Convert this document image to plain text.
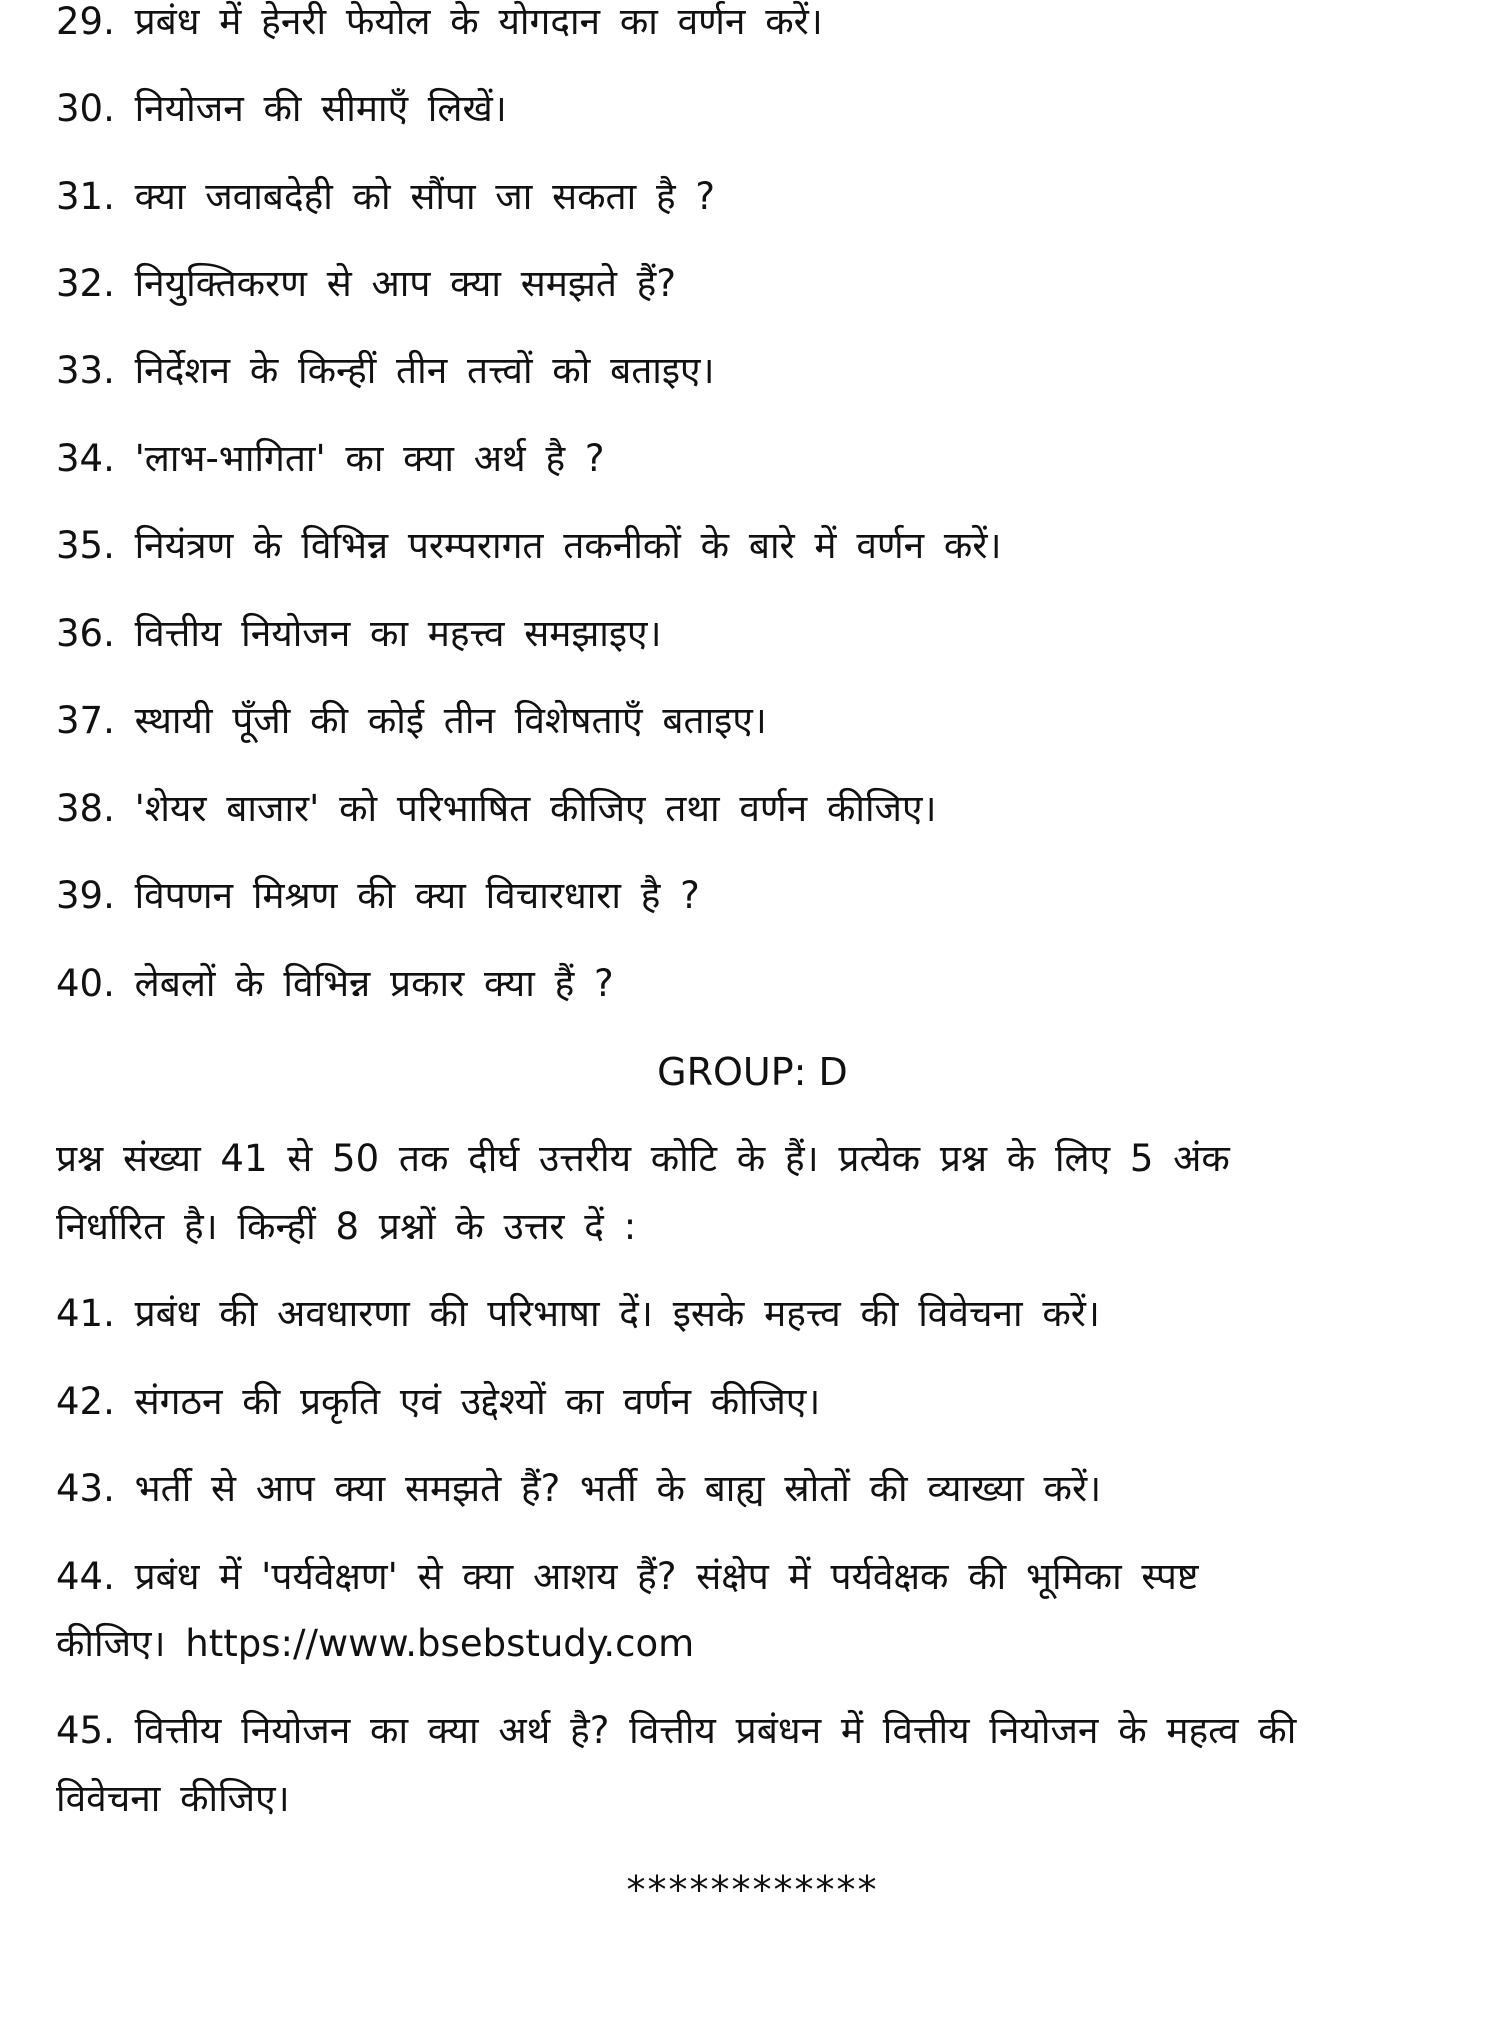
29. प्रबंध में हेनरी फेयोल के योगदान का वर्णन करें।
30. नियोजन की सीमाएँ लिखें।
31. क्या जवाबदेही को सौंपा जा सकता है ?
32. नियुक्तिकरण से आप क्या समझते हैं?
33. निर्देशन के किन्हीं तीन तत्त्वों को बताइए।
34. 'लाभ-भागिता' का क्या अर्थ है ?
35. नियंत्रण के विभिन्न परम्परागत तकनीकों के बारे में वर्णन करें।
36. वित्तीय नियोजन का महत्त्व समझाइए।
37. स्थायी पूँजी की कोई तीन विशेषताएँ बताइए।
38. 'शेयर बाजार' को परिभाषित कीजिए तथा वर्णन कीजिए।
39. विपणन मिश्रण की क्या विचारधारा है ?
40. लेबलों के विभिन्न प्रकार क्या हैं ?
GROUP: D
प्रश्न संख्या 41 से 50 तक दीर्घ उत्तरीय कोटि के हैं। प्रत्येक प्रश्न के लिए 5 अंक
निर्धारित है। किन्हीं 8 प्रश्नों के उत्तर दें :
41. प्रबंध की अवधारणा की परिभाषा दें। इसके महत्त्व की विवेचना करें।
42. संगठन की प्रकृति एवं उद्देश्यों का वर्णन कीजिए।
43. भर्ती से आप क्या समझते हैं? भर्ती के बाह्य स्रोतों की व्याख्या करें।
44. प्रबंध में 'पर्यवेक्षण' से क्या आशय हैं? संक्षेप में पर्यवेक्षक की भूमिका स्पष्ट
कीजिए। https://www.bsebstudy.com
45. वित्तीय नियोजन का क्या अर्थ है? वित्तीय प्रबंधन में वित्तीय नियोजन के महत्व की
विवेचना कीजिए।
************
